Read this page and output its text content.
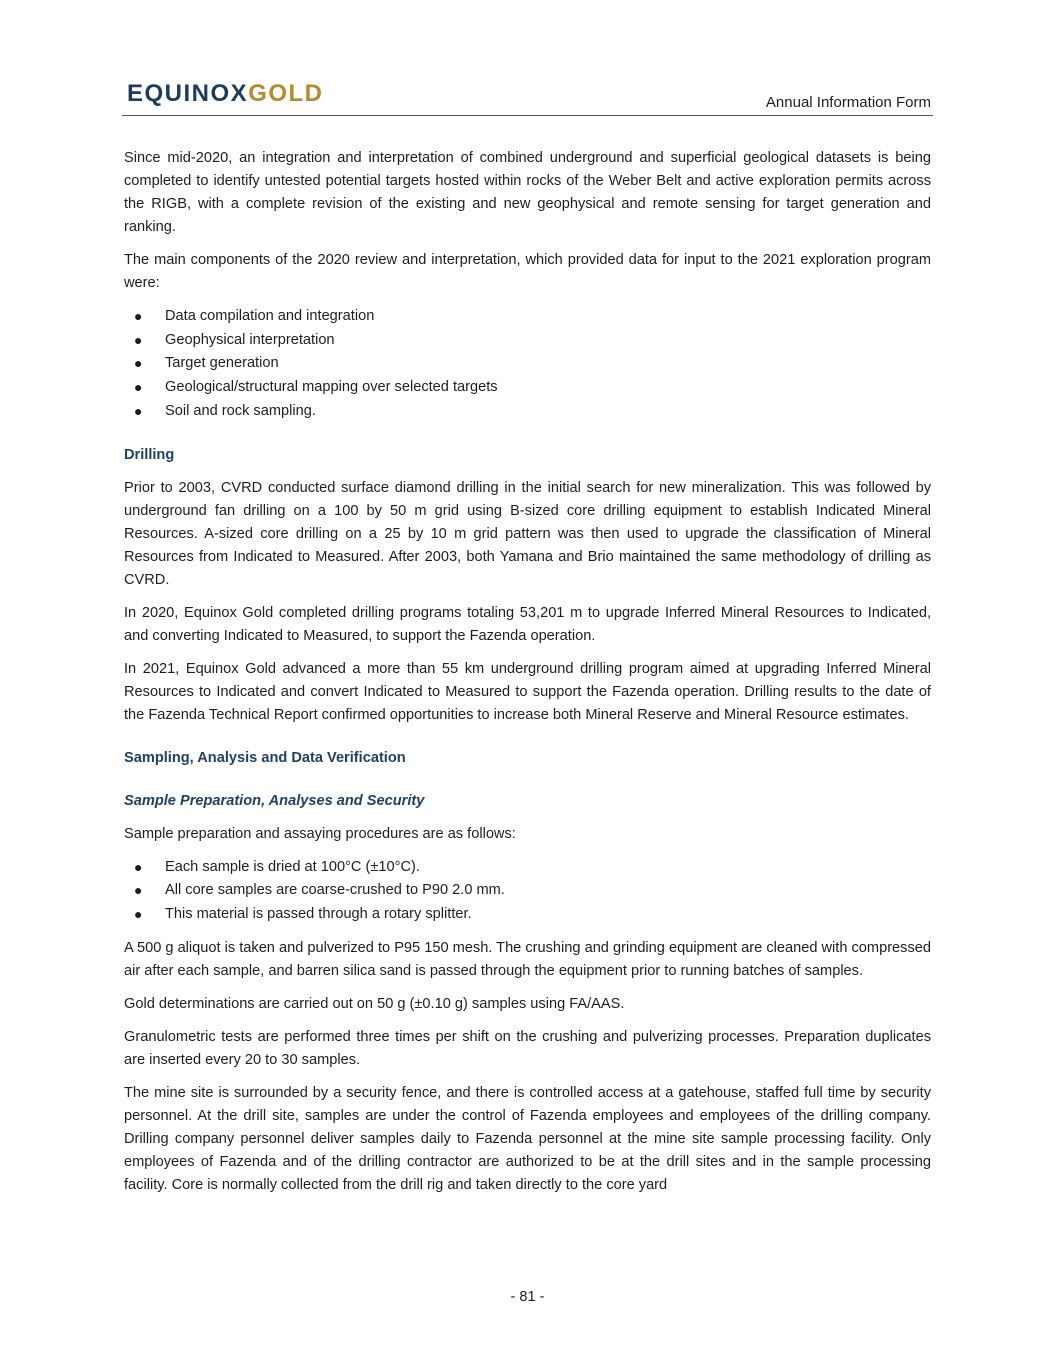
EQUINOXGOLD	Annual Information Form

Since mid-2020, an integration and interpretation of combined underground and superficial geological datasets is being completed to identify untested potential targets hosted within rocks of the Weber Belt and active exploration permits across the RIGB, with a complete revision of the existing and new geophysical and remote sensing for target generation and ranking.

The main components of the 2020 review and interpretation, which provided data for input to the 2021 exploration program were:

●	Data compilation and integration
●	Geophysical interpretation
●	Target generation
●	Geological/structural mapping over selected targets
●	Soil and rock sampling.
Drilling

Prior to 2003, CVRD conducted surface diamond drilling in the initial search for new mineralization. This was followed by underground fan drilling on a 100 by 50 m grid using B-sized core drilling equipment to establish Indicated Mineral Resources. A-sized core drilling on a 25 by 10 m grid pattern was then used to upgrade the classification of Mineral Resources from Indicated to Measured. After 2003, both Yamana and Brio maintained the same methodology of drilling as CVRD.

In 2020, Equinox Gold completed drilling programs totaling 53,201 m to upgrade Inferred Mineral Resources to Indicated, and converting Indicated to Measured, to support the Fazenda operation.

In 2021, Equinox Gold advanced a more than 55 km underground drilling program aimed at upgrading Inferred Mineral Resources to Indicated and convert Indicated to Measured to support the Fazenda operation. Drilling results to the date of the Fazenda Technical Report confirmed opportunities to increase both Mineral Reserve and Mineral Resource estimates.

Sampling, Analysis and Data Verification
Sample Preparation, Analyses and Security

Sample preparation and assaying procedures are as follows:

●	Each sample is dried at 100°C (±10°C).
●	All core samples are coarse-crushed to P90 2.0 mm.
●	This material is passed through a rotary splitter.

A 500 g aliquot is taken and pulverized to P95 150 mesh. The crushing and grinding equipment are cleaned with compressed air after each sample, and barren silica sand is passed through the equipment prior to running batches of samples.

Gold determinations are carried out on 50 g (±0.10 g) samples using FA/AAS.

Granulometric tests are performed three times per shift on the crushing and pulverizing processes. Preparation duplicates are inserted every 20 to 30 samples.

The mine site is surrounded by a security fence, and there is controlled access at a gatehouse, staffed full time by security personnel. At the drill site, samples are under the control of Fazenda employees and employees of the drilling company. Drilling company personnel deliver samples daily to Fazenda personnel at the mine site sample processing facility. Only employees of Fazenda and of the drilling contractor are authorized to be at the drill sites and in the sample processing facility. Core is normally collected from the drill rig and taken directly to the core yard

- 81 -
